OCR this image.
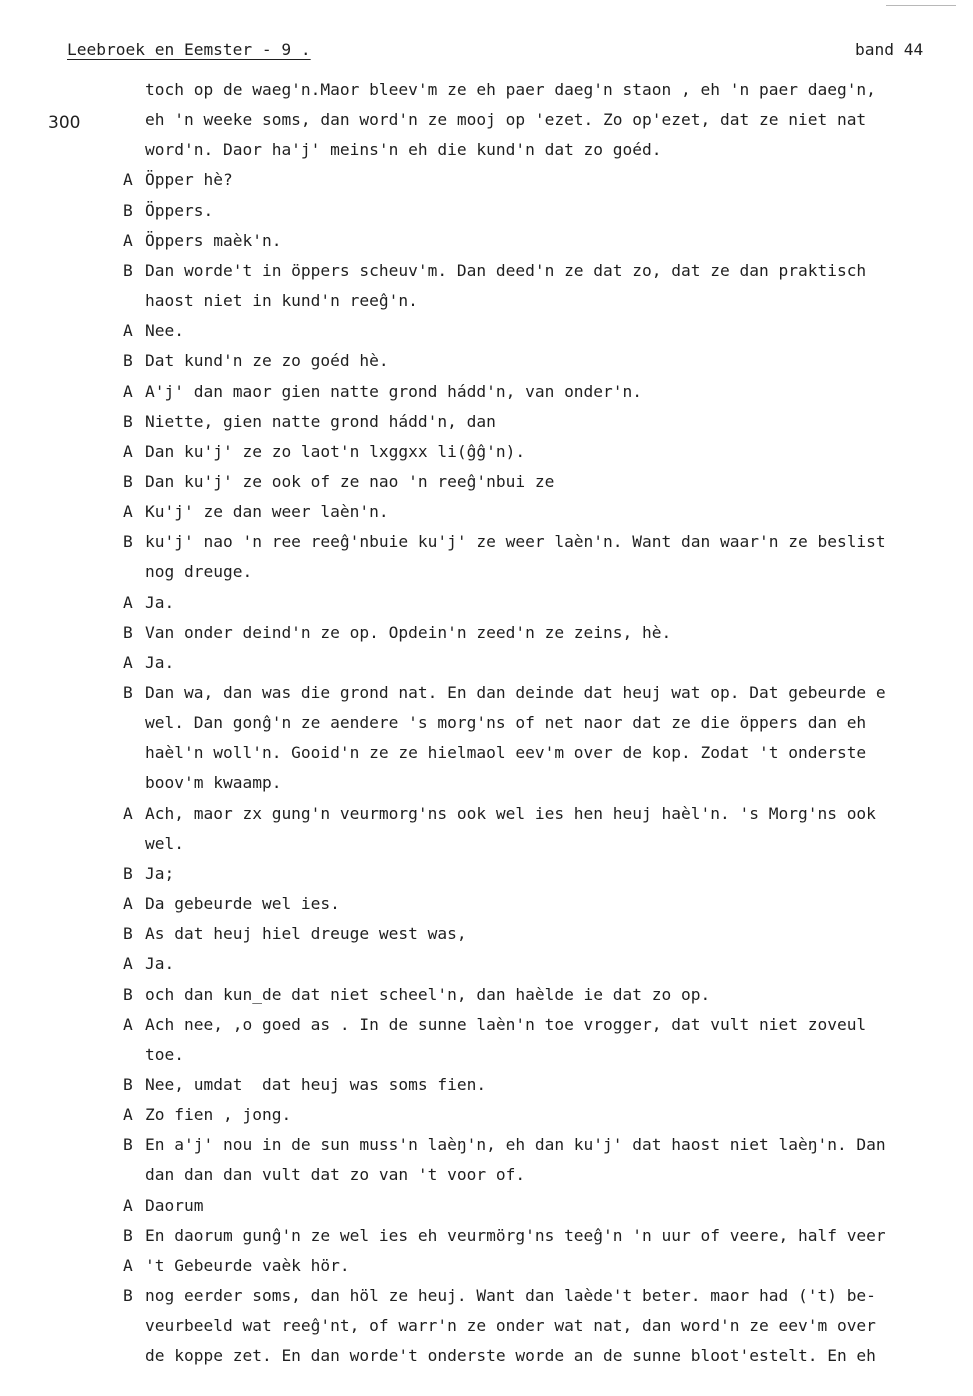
Leebroek en Eemster - 9 .	band 44
300
toch op de waeg'n.Maor bleev'm ze eh paer daeg'n staon , eh 'n paer daeg'n,
eh 'n weeke soms, dan word'n ze mooj op 'ezet. Zo op'ezet, dat ze niet nat
word'n. Daor ha'j' meins'n eh die kund'n dat zo goéd.
A Öpper hè?
B Öppers.
A Öppers maèk'n.
B Dan worde't in öppers scheuv'm. Dan deed'n ze dat zo, dat ze dan praktisch
haost niet in kund'n reeĝ'n.
A Nee.
B Dat kund'n ze zo goéd hè.
A A'j' dan maor gien natte grond hádd'n, van onder'n.
B Niette, gien natte grond hádd'n, dan
A Dan ku'j' ze zo laot'n lxggxx li(ĝĝ'n).
B Dan ku'j' ze ook of ze nao 'n reeĝ'nbui ze
A Ku'j' ze dan weer laèn'n.
B ku'j' nao 'n ree reeĝ'nbuie ku'j' ze weer laèn'n. Want dan waar'n ze beslist
nog dreuge.
A Ja.
B Van onder deind'n ze op. Opdein'n zeed'n ze zeins, hè.
A Ja.
B Dan wa, dan was die grond nat. En dan deinde dat heuj wat op. Dat gebeurde e
wel. Dan gonĝ'n ze aendere 's morg'ns of net naor dat ze die öppers dan eh
haèl'n woll'n. Gooid'n ze ze hielmaol eev'm over de kop. Zodat 't onderste
boov'm kwaamp.
A Ach, maor zx gung'n veurmorg'ns ook wel ies hen heuj haèl'n. 's Morg'ns ook
wel.
B Ja;
A Da gebeurde wel ies.
B As dat heuj hiel dreuge west was,
A Ja.
B och dan kun_de dat niet scheel'n, dan haèlde ie dat zo op.
A Ach nee, ,o goed as . In de sunne laèn'n toe vrogger, dat vult niet zoveul
toe.
B Nee, umdat  dat heuj was soms fien.
A Zo fien , jong.
B En a'j' nou in de sun muss'n laèŋ'n, eh dan ku'j' dat haost niet laèŋ'n. Dan
dan dan dan vult dat zo van 't voor of.
A Daorum
B En daorum gunĝ'n ze wel ies eh veurmörg'ns teeĝ'n 'n uur of veere, half veer
A 't Gebeurde vaèk hör.
B nog eerder soms, dan höl ze heuj. Want dan laède't beter. maor had ('t) be-
veurbeeld wat reeĝ'nt, of warr'n ze onder wat nat, dan word'n ze eev'm over
de koppe zet. En dan worde't onderste worde an de sunne bloot'estelt. En eh
